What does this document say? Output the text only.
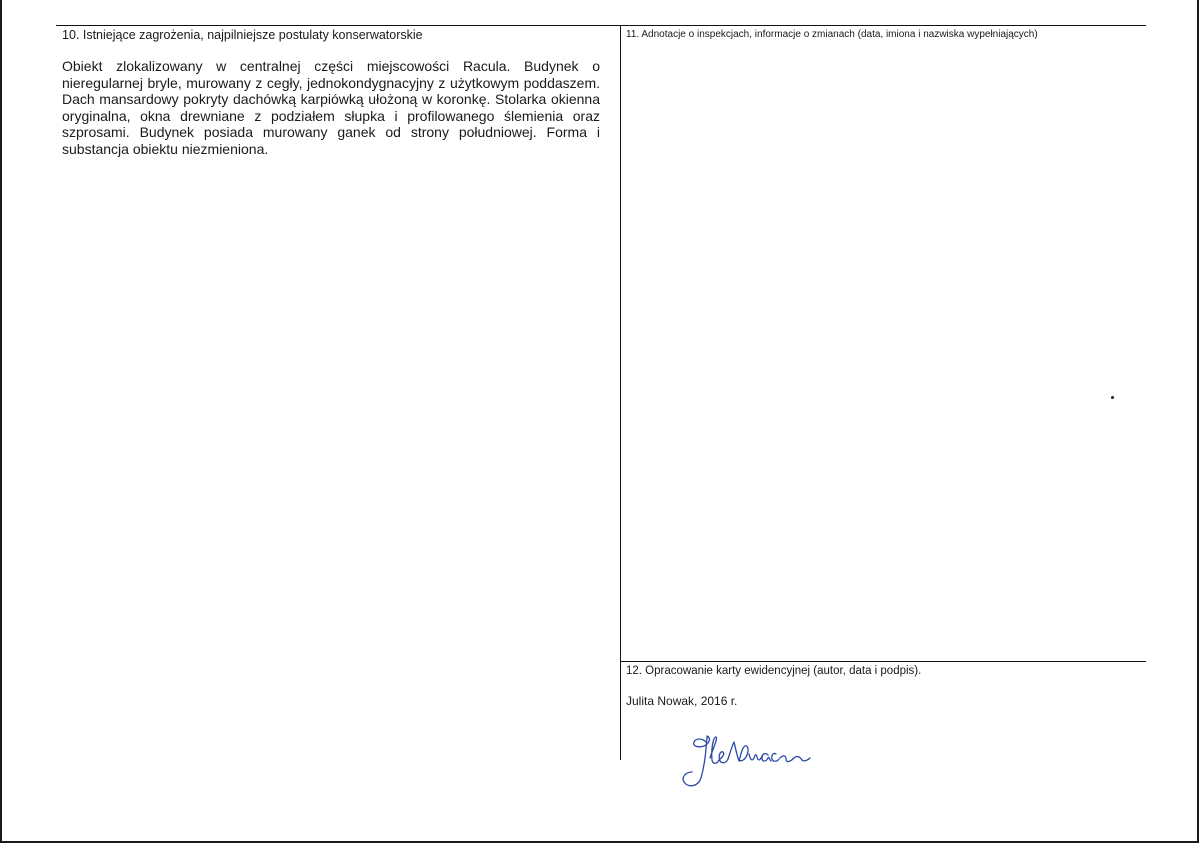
10. Istniejące zagrożenia, najpilniejsze postulaty konserwatorskie

Obiekt zlokalizowany w centralnej części miejscowości Racula. Budynek o nieregularnej bryle, murowany z cegły, jednokondygnacyjny z użytkowym poddaszem. Dach mansardowy pokryty dachówką karpiówką ułożoną w koronkę. Stolarka okienna oryginalna, okna drewniane z podziałem słupka i profilowanego ślemienia oraz szprosami. Budynek posiada murowany ganek od strony południowej. Forma i substancja obiektu niezmieniona.

11. Adnotacje o inspekcjach, informacje o zmianach (data, imiona i nazwiska wypełniających)
12. Opracowanie karty ewidencyjnej (autor, data i podpis).
Julita Nowak, 2016 r.
